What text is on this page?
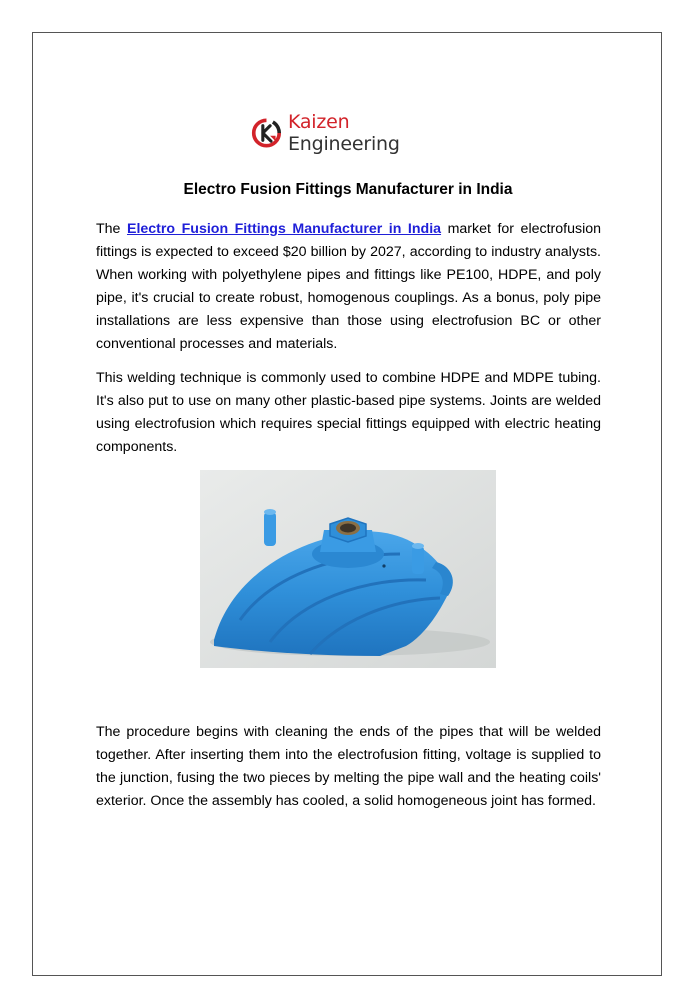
Kaizen Engineering
Electro Fusion Fittings Manufacturer in India

The Electro Fusion Fittings Manufacturer in India market for electrofusion fittings is expected to exceed $20 billion by 2027, according to industry analysts. When working with polyethylene pipes and fittings like PE100, HDPE, and poly pipe, it's crucial to create robust, homogenous couplings. As a bonus, poly pipe installations are less expensive than those using electrofusion BC or other conventional processes and materials.

This welding technique is commonly used to combine HDPE and MDPE tubing. It's also put to use on many other plastic-based pipe systems. Joints are welded using electrofusion which requires special fittings equipped with electric heating components.

The procedure begins with cleaning the ends of the pipes that will be welded together. After inserting them into the electrofusion fitting, voltage is supplied to the junction, fusing the two pieces by melting the pipe wall and the heating coils' exterior. Once the assembly has cooled, a solid homogeneous joint has formed.
